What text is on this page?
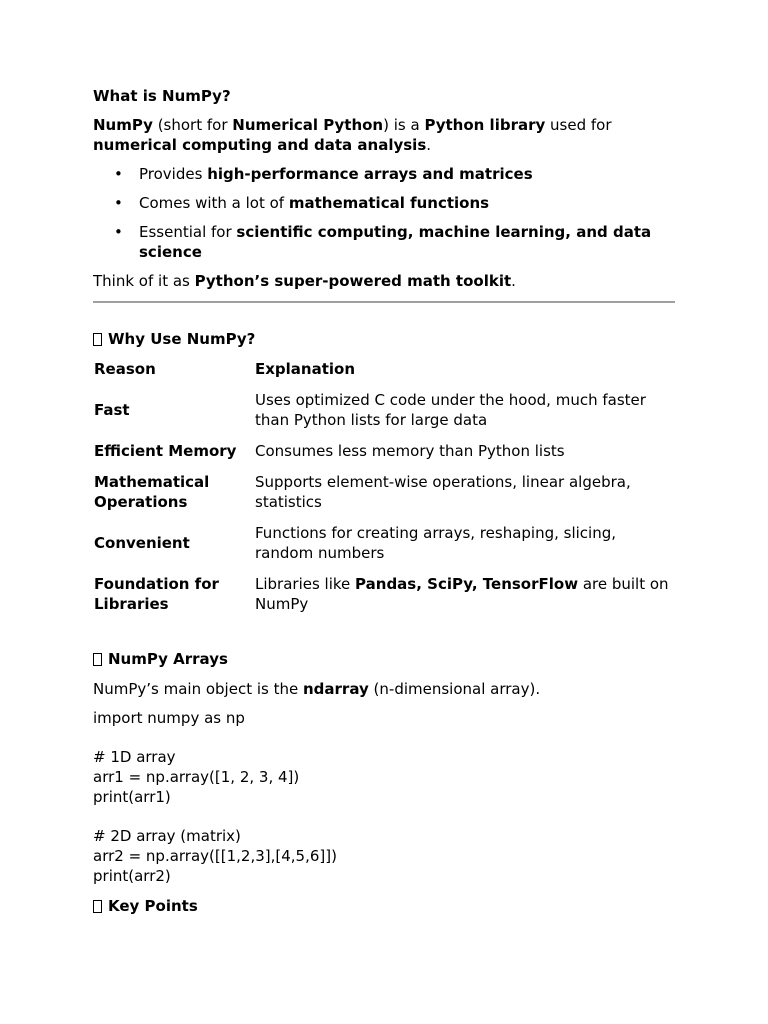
What is NumPy?

NumPy (short for Numerical Python) is a Python library used for numerical computing and data analysis.

• Provides high-performance arrays and matrices
• Comes with a lot of mathematical functions
• Essential for scientific computing, machine learning, and data science

Think of it as Python’s super-powered math toolkit.

Why Use NumPy?

Reason	Explanation
Fast	Uses optimized C code under the hood, much faster than Python lists for large data
Efficient Memory	Consumes less memory than Python lists
Mathematical Operations	Supports element-wise operations, linear algebra, statistics
Convenient	Functions for creating arrays, reshaping, slicing, random numbers
Foundation for Libraries	Libraries like Pandas, SciPy, TensorFlow are built on NumPy

NumPy Arrays

NumPy’s main object is the ndarray (n-dimensional array).

import numpy as np
# 1D array
arr1 = np.array([1, 2, 3, 4])
print(arr1)
# 2D array (matrix)
arr2 = np.array([[1,2,3],[4,5,6]])
print(arr2)

Key Points
